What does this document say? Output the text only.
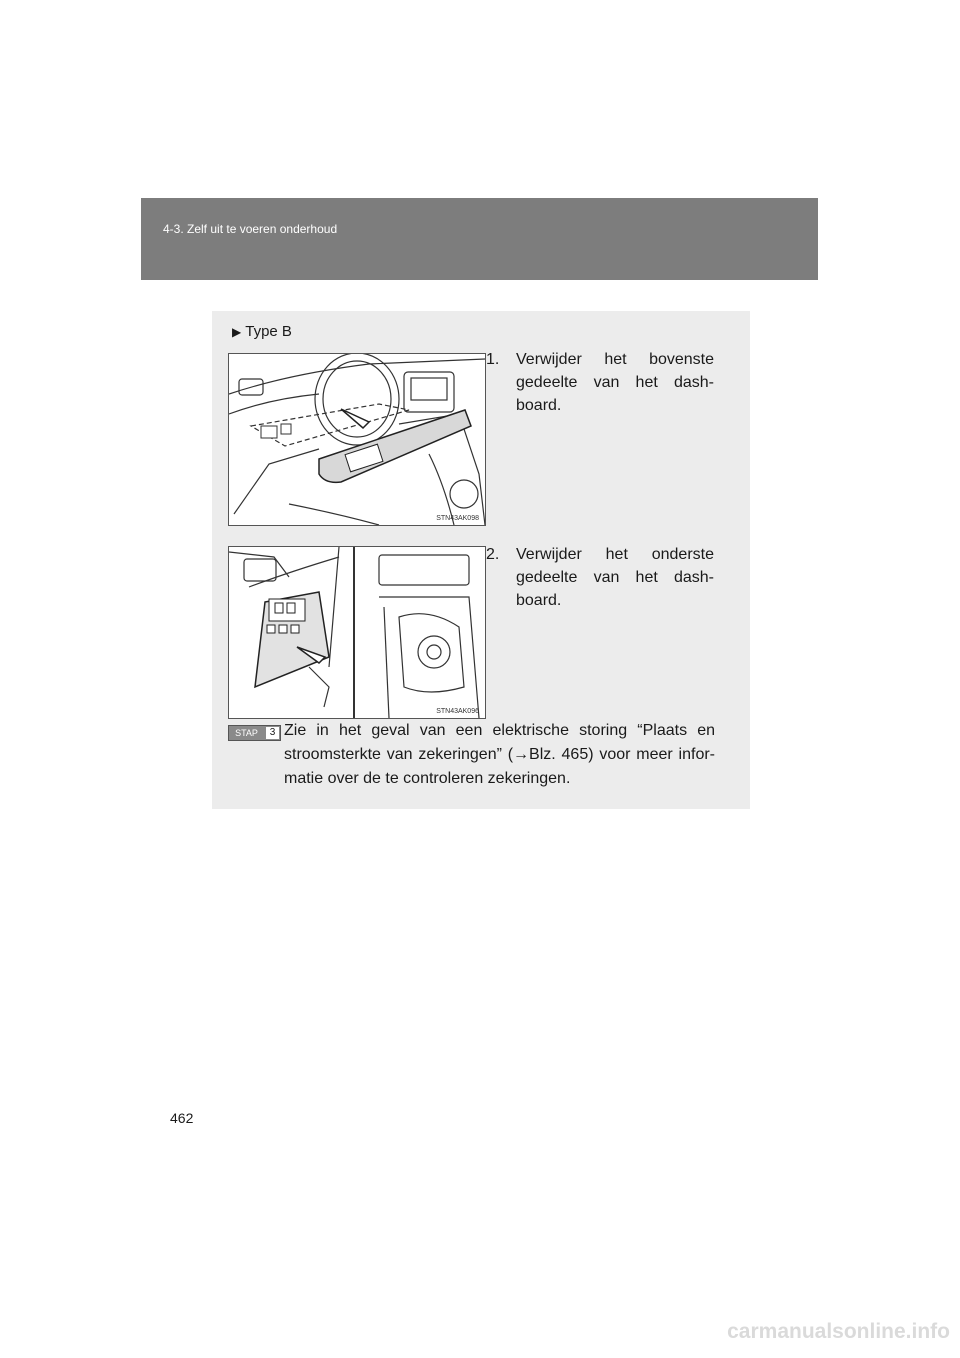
4-3. Zelf uit te voeren onderhoud
▶ Type B
STN43AK098
1. Verwijder het bovenste
gedeelte van het dash-board.
STN43AK096
2. Verwijder het onderste
gedeelte van het dash-board.
STAP	3 Zie in het geval van een elektrische storing “Plaats en stroomsterkte van zekeringen” (→Blz. 465) voor meer infor-matie over de te controleren zekeringen.
462
carmanualsonline.info
